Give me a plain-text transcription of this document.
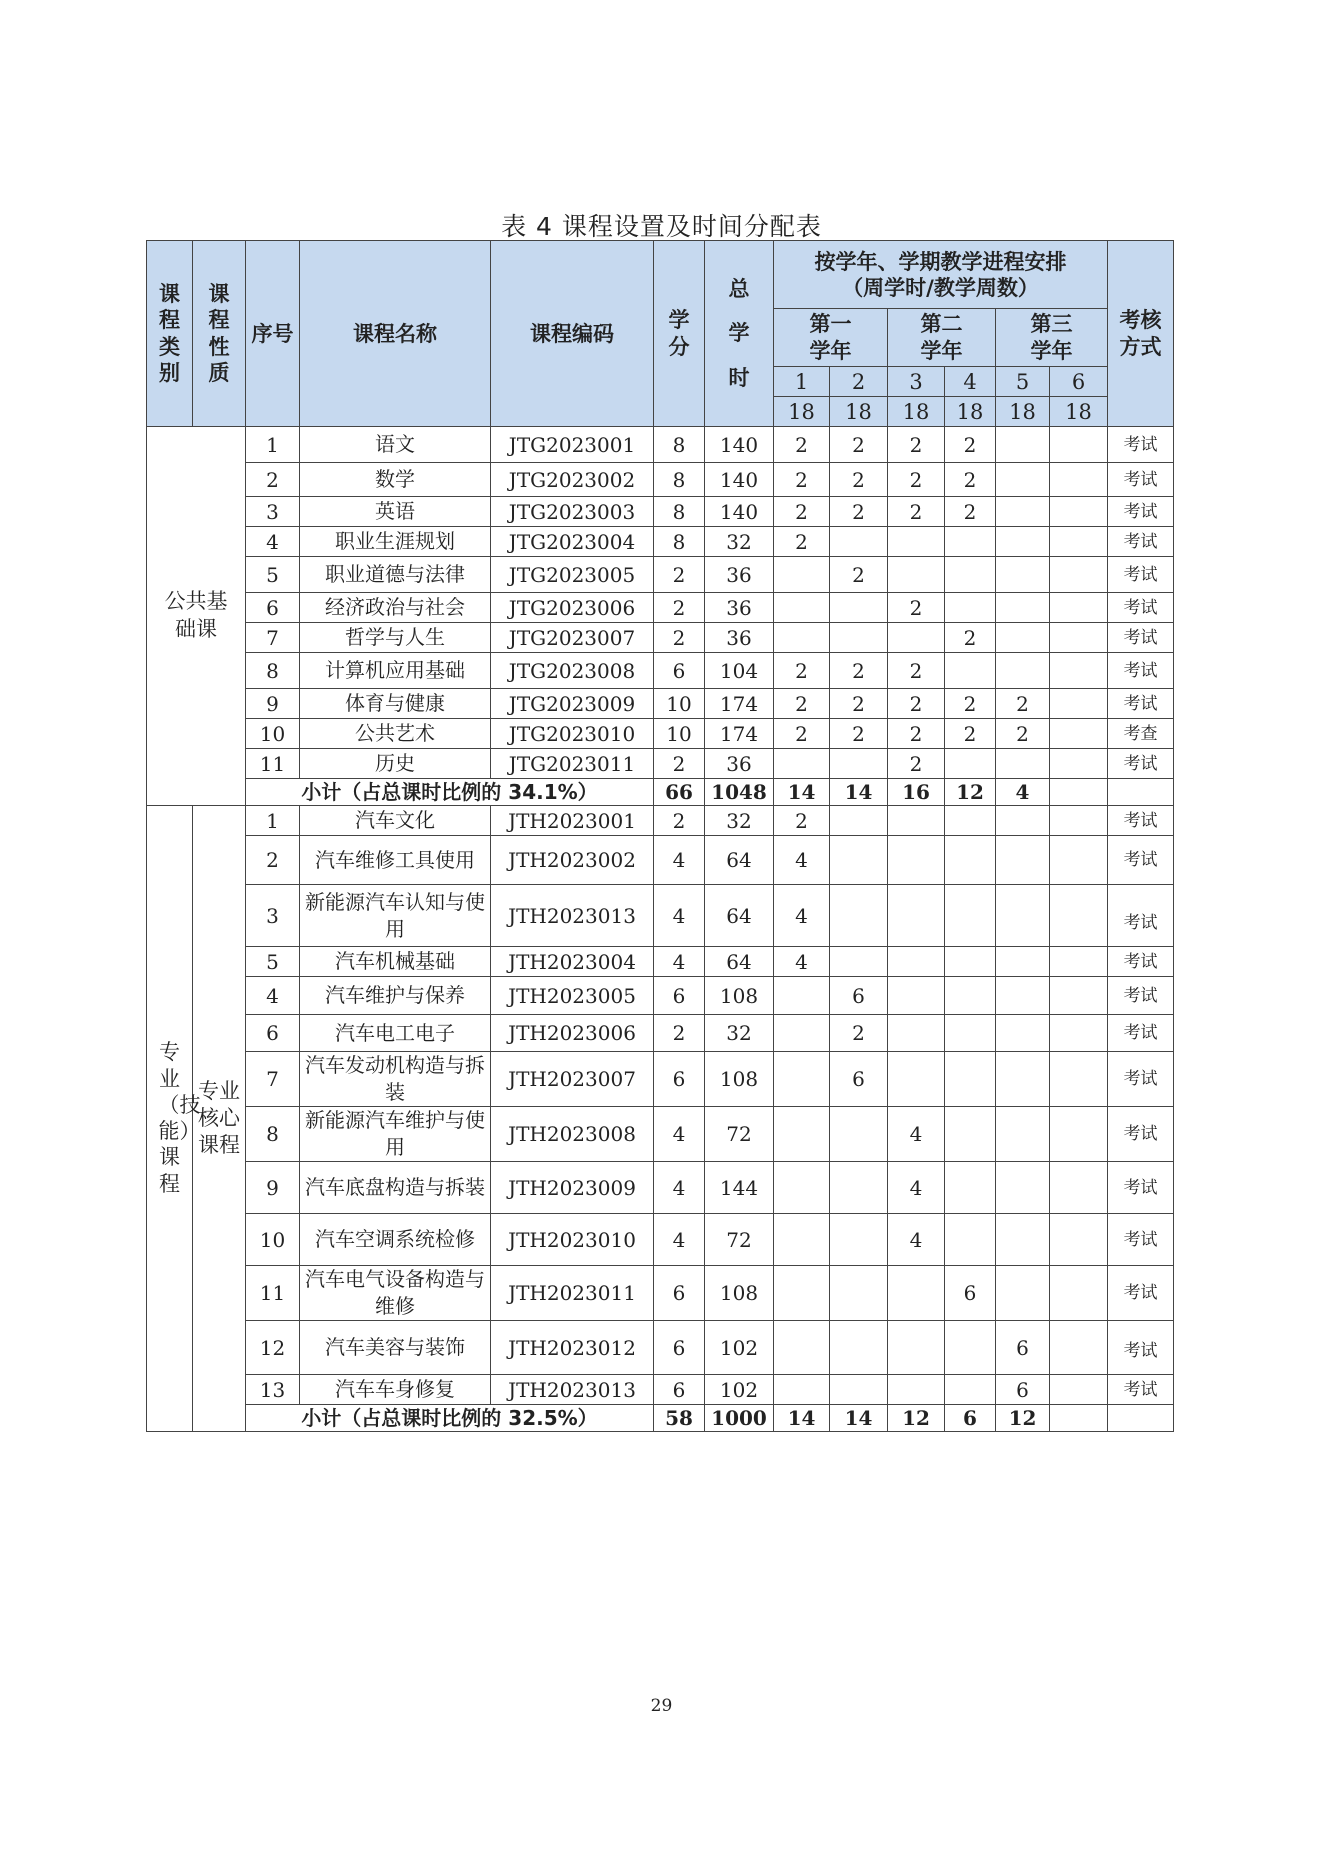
表 4 课程设置及时间分配表
课程类别	课程性质	序号	课程名称	课程编码	学分	总学时	按学年、学期教学进程安排
（周学时/教学周数）						考核方式
							第一学年		第二学年		第三学年		
							1	2	3	4	5	6	
							18	18	18	18	18	18	
公共基础课		1	语文	JTG2023001	8	140	2	2	2	2			考试
		2	数学	JTG2023002	8	140	2	2	2	2			考试
		3	英语	JTG2023003	8	140	2	2	2	2			考试
		4	职业生涯规划	JTG2023004	8	32	2						考试
		5	职业道德与法律	JTG2023005	2	36		2					考试
		6	经济政治与社会	JTG2023006	2	36			2				考试
		7	哲学与人生	JTG2023007	2	36				2			考试
		8	计算机应用基础	JTG2023008	6	104	2	2	2				考试
		9	体育与健康	JTG2023009	10	174	2	2	2	2	2		考试
		10	公共艺术	JTG2023010	10	174	2	2	2	2	2		考查
		11	历史	JTG2023011	2	36			2				考试
		小计（占总课时比例的 34.1%）			66	1048	14	14	16	12	4		
专业（技能）课程	专业核心课程	1	汽车文化	JTH2023001	2	32	2						考试
		2	汽车维修工具使用	JTH2023002	4	64	4						考试
		3	新能源汽车认知与使用	JTH2023013	4	64	4						考试
		5	汽车机械基础	JTH2023004	4	64	4						考试
		4	汽车维护与保养	JTH2023005	6	108		6					考试
		6	汽车电工电子	JTH2023006	2	32		2					考试
		7	汽车发动机构造与拆装	JTH2023007	6	108		6					考试
		8	新能源汽车维护与使用	JTH2023008	4	72			4				考试
		9	汽车底盘构造与拆装	JTH2023009	4	144			4				考试
		10	汽车空调系统检修	JTH2023010	4	72			4				考试
		11	汽车电气设备构造与维修	JTH2023011	6	108				6			考试
		12	汽车美容与装饰	JTH2023012	6	102					6		考试
		13	汽车车身修复	JTH2023013	6	102					6		考试
		小计（占总课时比例的 32.5%）			58	1000	14	14	12	6	12		
29
